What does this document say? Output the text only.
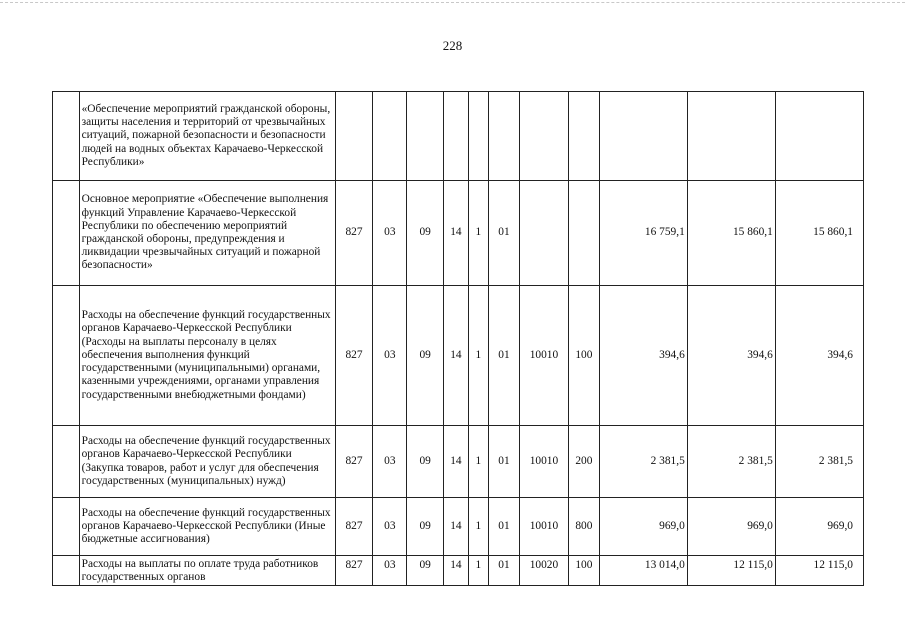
228
	«Обеспечение мероприятий гражданской обороны, защиты населения и территорий от чрезвычайных ситуаций, пожарной безопасности и безопасности людей на водных объектах Карачаево-Черкесской Республики»											
	Основное мероприятие «Обеспечение выполнения функций Управление Карачаево-Черкесской Республики по обеспечению мероприятий гражданской обороны, предупреждения и ликвидации чрезвычайных ситуаций и пожарной безопасности»	827	03	09	14	1	01			16 759,1	15 860,1	15 860,1
	Расходы на обеспечение функций государственных органов Карачаево-Черкесской Республики (Расходы на выплаты персоналу в целях обеспечения выполнения функций государственными (муниципальными) органами, казенными учреждениями, органами управления государственными внебюджетными фондами)	827	03	09	14	1	01	10010	100	394,6	394,6	394,6
	Расходы на обеспечение функций государственных органов Карачаево-Черкесской Республики (Закупка товаров, работ и услуг для обеспечения государственных (муниципальных) нужд)	827	03	09	14	1	01	10010	200	2 381,5	2 381,5	2 381,5
	Расходы на обеспечение функций государственных органов Карачаево-Черкесской Республики (Иные бюджетные ассигнования)	827	03	09	14	1	01	10010	800	969,0	969,0	969,0
	Расходы на выплаты по оплате труда работников государственных органов	827	03	09	14	1	01	10020	100	13 014,0	12 115,0	12 115,0
